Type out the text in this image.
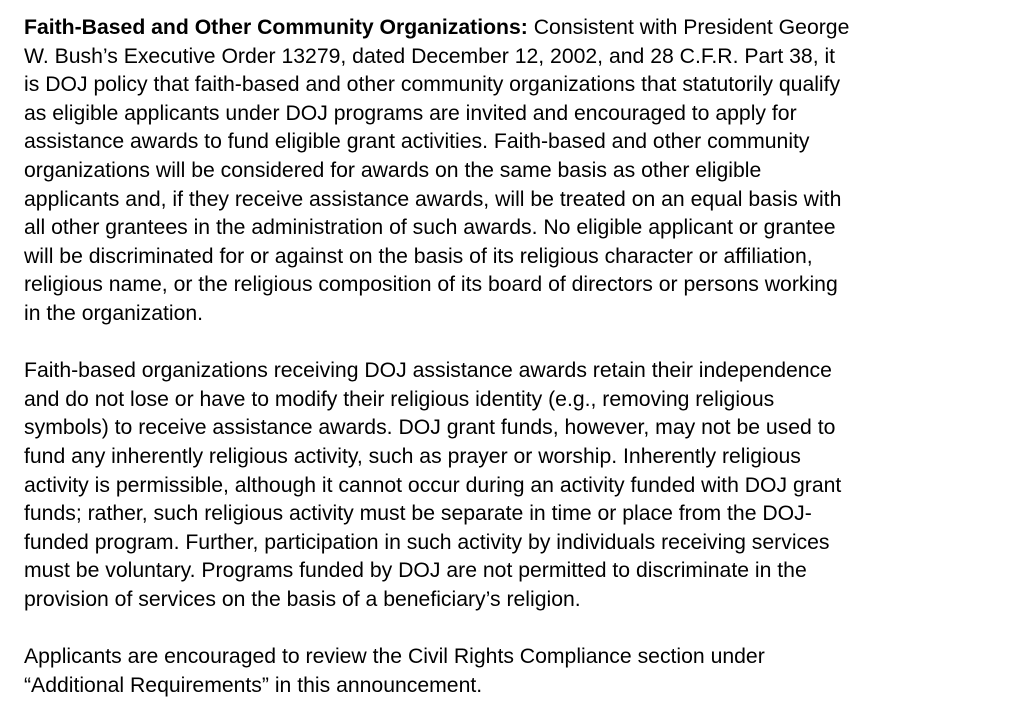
Faith-Based and Other Community Organizations: Consistent with President George
W. Bush’s Executive Order 13279, dated December 12, 2002, and 28 C.F.R. Part 38, it
is DOJ policy that faith-based and other community organizations that statutorily qualify
as eligible applicants under DOJ programs are invited and encouraged to apply for
assistance awards to fund eligible grant activities. Faith-based and other community
organizations will be considered for awards on the same basis as other eligible
applicants and, if they receive assistance awards, will be treated on an equal basis with
all other grantees in the administration of such awards. No eligible applicant or grantee
will be discriminated for or against on the basis of its religious character or affiliation,
religious name, or the religious composition of its board of directors or persons working
in the organization.

Faith-based organizations receiving DOJ assistance awards retain their independence
and do not lose or have to modify their religious identity (e.g., removing religious
symbols) to receive assistance awards. DOJ grant funds, however, may not be used to
fund any inherently religious activity, such as prayer or worship. Inherently religious
activity is permissible, although it cannot occur during an activity funded with DOJ grant
funds; rather, such religious activity must be separate in time or place from the DOJ-
funded program. Further, participation in such activity by individuals receiving services
must be voluntary. Programs funded by DOJ are not permitted to discriminate in the
provision of services on the basis of a beneficiary’s religion.

Applicants are encouraged to review the Civil Rights Compliance section under
“Additional Requirements” in this announcement.
